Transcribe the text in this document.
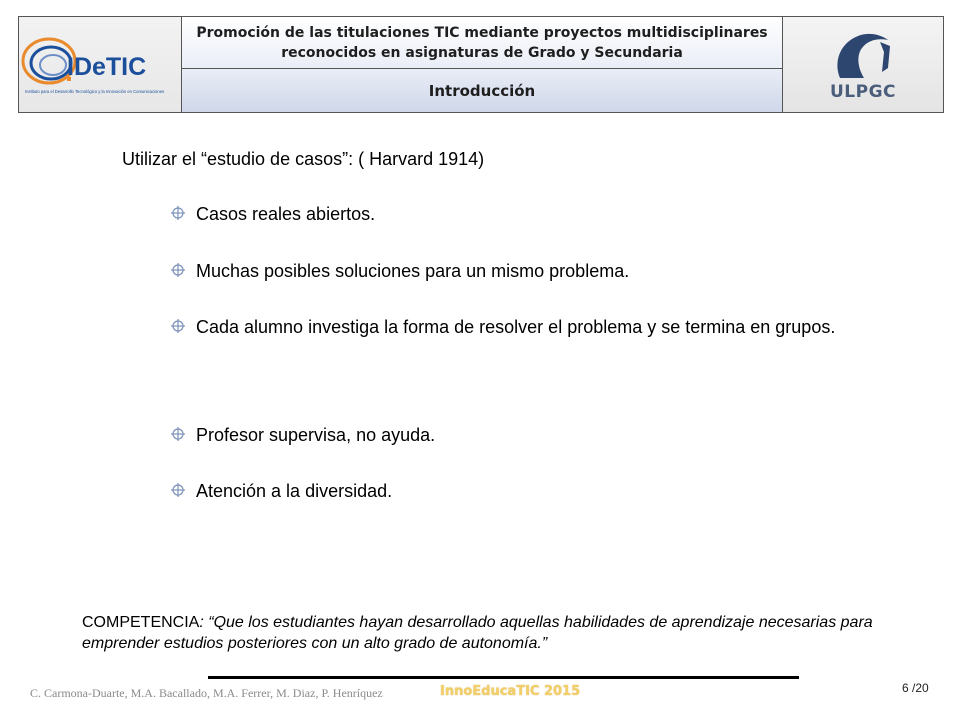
IDeTIC
Instituto para el Desarrollo Tecnológico y la Innovación en Comunicaciones
Promoción de las titulaciones TIC mediante proyectos multidisciplinares
reconocidos en asignaturas de Grado y Secundaria
Introducción	ULPGC
Utilizar el “estudio de casos”: ( Harvard 1914)
Casos reales abiertos.
Muchas posibles soluciones para un mismo problema.
Cada alumno investiga la forma de resolver el problema y se termina en grupos.
Profesor supervisa, no ayuda.
Atención a la diversidad.
COMPETENCIA: “Que los estudiantes hayan desarrollado aquellas habilidades de aprendizaje necesarias para emprender estudios posteriores con un alto grado de autonomía.”
C. Carmona-Duarte, M.A. Bacallado, M.A. Ferrer, M. Diaz, P. Henríquez	InnoEducaTIC 2015	6 /20
